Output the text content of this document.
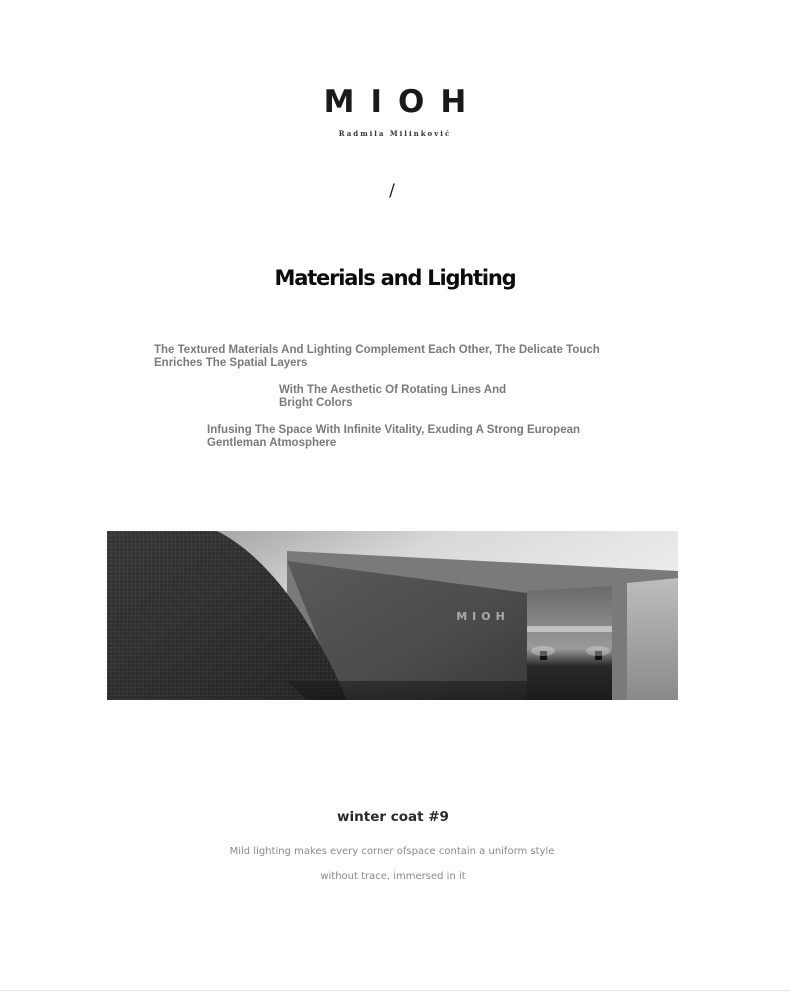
MIOH
Radmila Milinković
/
Materials and Lighting
The Textured Materials And Lighting Complement Each Other, The Delicate Touch Enriches The Spatial Layers
With The Aesthetic Of Rotating Lines And Bright Colors
Infusing The Space With Infinite Vitality, Exuding A Strong European Gentleman Atmosphere
MIOH
winter coat #9
Mild lighting makes every corner ofspace contain a uniform style
without trace, immersed in it
